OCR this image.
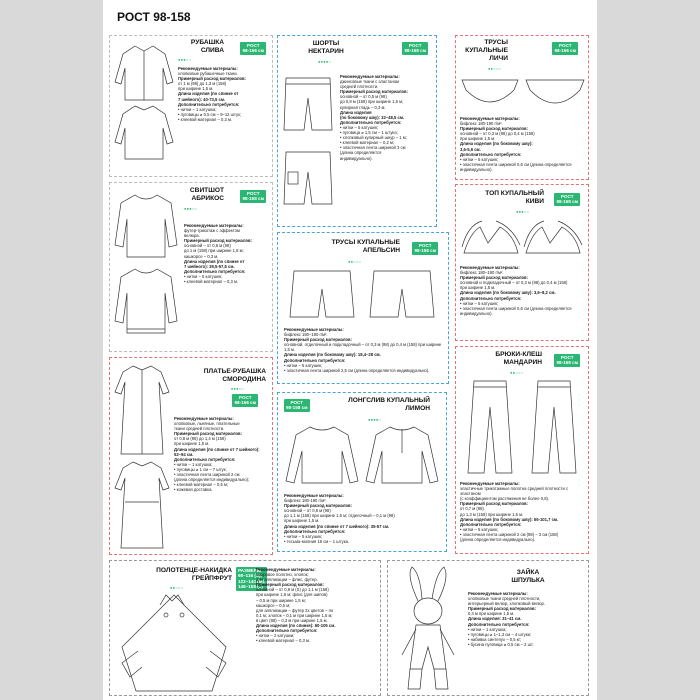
РОСТ 98-158
РУБАШКА
СЛИВА
РОСТ
98-158 см
●●●○○
Рекомендуемые материалы:
хлопковые рубашечные ткани.
Примерный расход материалов:
от 1 м (98) до 1,3 м (158)
при ширине 1,5 м.
Длина изделия (по спинке от
7 шейного): 40-73,5 см.
Дополнительно потребуется:
• нитки – 1 катушка;
• пуговицы ⌀ 0,5 см – 9–12 штук;
• клеевой материал – 0,3 м.
ШОРТЫ
НЕКТАРИН
РОСТ
98-158 см
●●●●○
Рекомендуемые материалы:
джинсовые ткани с эластаном
средней плотности.
Примерный расход материалов:
основной – от 0,5 м (98)
до 0,8 м (158) при ширине 1,5 м;
кулирная гладь – 0,3 м.
Длина изделия
(по боковому шву): 32–48,5 см.
Дополнительно потребуется:
• нитки – 5 катушек;
• пуговица ⌀ 1,5 см – 1 штука;
• хлопковый кулирный шнур – 1 м;
• клеевой материал – 0,2 м;
• эластичная лента шириной 3 см
(длина определяется
индивидуально).
ТРУСЫ
КУПАЛЬНЫЕ
ЛИЧИ
РОСТ
98-158 см
●●○○○
Рекомендуемые материалы:
бифлекс 180-190 г/м².
Примерный расход материалов:
основной – от 0,3 м (98) до 0,4 м (158)
при ширине 1,5 м.
Длина изделия (по боковому шву):
3,6-5,6 см.
Дополнительно потребуется:
• нитки – 5 катушек;
• эластичная лента шириной 0,6 см (длина определяется индивидуально).
СВИТШОТ
АБРИКОС
РОСТ
98-158 см
●●●○○
Рекомендуемые материалы:
футер-трикотаж с эффектом
велюра.
Примерный расход материалов:
основной – от 0,6 м (98)
до 1 м (158) при ширине 1,8 м;
кашкорсе – 0,3 м.
Длина изделия (по спинке от
7 шейного): 39,5-57,5 см.
Дополнительно потребуется:
• нитки – 5 катушек;
• клеевой материал – 0,3 м.
ТОП КУПАЛЬНЫЙ
КИВИ
РОСТ
98-158 см
●●●○○
Рекомендуемые материалы:
бифлекс 180–190 г/м².
Примерный расход материалов:
основной и подкладочный – от 0,3 м (98) до 0,4 м (158)
при ширине 1,5 м.
Длина изделия (по боковому шву): 3,6–8,2 см.
Дополнительно потребуется:
• нитки – 5 катушек;
• эластичная лента шириной 0,6 см (длина определяется индивидуально).
ТРУСЫ КУПАЛЬНЫЕ
АПЕЛЬСИН
РОСТ
98-158 см
●●○○○
Рекомендуемые материалы:
бифлекс 180–190 г/м².
Примерный расход материалов:
основной, отделочный и подкладочный – от 0,3 м (98) до 0,4 м (158) при ширине 1,5 м.
Длина изделия (по боковому шву): 18,4–28 см.
Дополнительно потребуется:
• нитки – 5 катушек;
• эластичная лента шириной 2,5 см (длина определяется индивидуально).
ПЛАТЬЕ-РУБАШКА
СМОРОДИНА
●●●○○
РОСТ
98-158 см
Рекомендуемые материалы:
хлопковые, льняные, плательные
ткани средней плотности.
Примерный расход материалов:
от 0,8 м (98) до 1,4 м (158)
при ширине 1,5 м.
Длина изделия (по спинке от 7 шейного):
52–94 см.
Дополнительно потребуется:
• нитки – 1 катушка;
• пуговицы ⌀ 1 см – 7 штук;
• эластичная лента шириной 2 см
(длина определяется индивидуально);
• клеевой материал – 0,5 м;
• кожевая доставка.
РОСТ
98-158 см
ЛОНГСЛИВ КУПАЛЬНЫЙ
ЛИМОН
●●●●○
Рекомендуемые материалы:
бифлекс 180-190 г/м².
Примерный расход материалов:
основной – от 0,6 м (98)
до 1,1 м (158) при ширине 1,5 м; отделочный – 0,1 м (98)
при ширине 1,5 м.
Длина изделия (по спинке от 7 шейного): 35-57 см.
Дополнительно потребуется:
• нитки – 5 катушек;
• тесьма-молния 18 см – 1 штука.
БРЮКИ-КЛЕШ
МАНДАРИН
РОСТ
98-158 см
●●○○○
Рекомендуемые материалы:
эластичные трикотажные полотна средней плотности с эластаном
(с коэффициентом растяжения не более 0,8).
Примерный расход материалов:
от 0,7 м (98)
до 1,3 м (158) при ширине 1,5 м.
Длина изделия (по боковому шву): 55-101,7 см.
Дополнительно потребуется:
• нитки – 5 катушек;
• эластичная лента шириной 2 см (98) – 3 см (158)
(длина определяется индивидуально).
ПОЛОТЕНЦЕ-НАКИДКА
ГРЕЙПФРУТ
РАЗМЕРЫ
98–116 (S),
122–140 (M),
146–158 (L)
●●○○○
Рекомендуемые материалы:
махровое полотно, хлопок;
для аппликации – флис, футер.
Примерный расход материалов:
основной – от 0,9 м (S) до 1,1 м (158)
при ширине 1,6 м; флис (для шипов)
– 0,5 м при ширине 1,5 м;
кашкорсе – 0,5 м;
для аппликации – футер 2х цветов – по
0,1 м; хлопок – 0,1 м при ширине 1,5 м;
в цвет (98) – 0,3 м при ширине 1,5 м.
Длина изделия (по спинке): 60-105 см.
Дополнительно потребуется:
• нитки – 2 катушки;
• клеевой материал – 0,3 м.
ЗАЙКА
ШПУЛЬКА
Рекомендуемые материалы:
хлопковые ткани средней плотности,
интерьерный велюр, хлопковый велюр.
Примерный расход материалов:
0,4 м при ширине 1,5 м.
Длина изделия: 31–41 см.
Дополнительно потребуется:
• нитки – 1 катушка;
• пуговицы ⌀ 1–1,3 см – 4 штуки;
• набивка синтепух – 0,5 кг;
• бусина пуговица ⌀ 0,5 см – 2 шт.
